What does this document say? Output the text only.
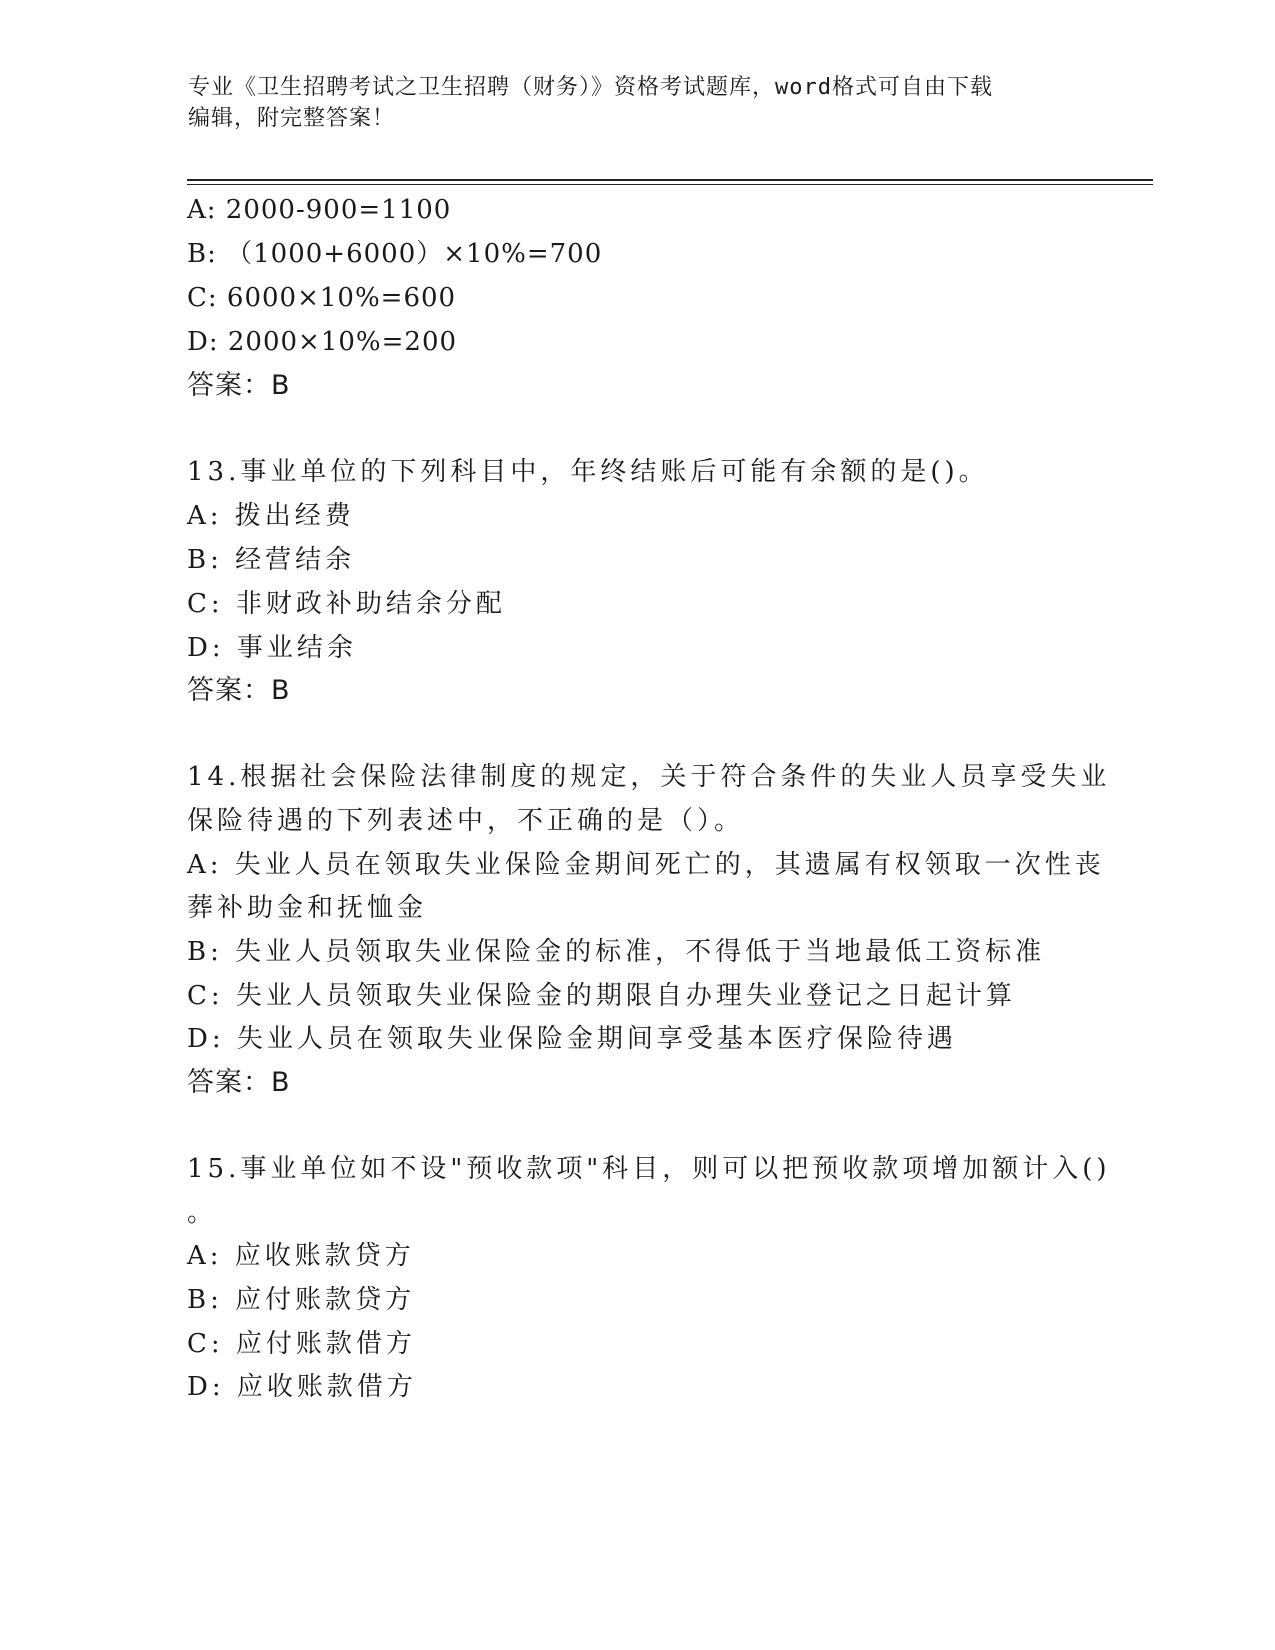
专业《卫生招聘考试之卫生招聘（财务）》资格考试题库，word格式可自由下载
编辑，附完整答案！
A: 2000-900=1100
B: （1000+6000）×10%=700
C: 6000×10%=600
D: 2000×10%=200
答案：B
13.事业单位的下列科目中，年终结账后可能有余额的是()。
A: 拨出经费
B: 经营结余
C: 非财政补助结余分配
D: 事业结余
答案：B
14.根据社会保险法律制度的规定，关于符合条件的失业人员享受失业
保险待遇的下列表述中，不正确的是（）。
A: 失业人员在领取失业保险金期间死亡的，其遗属有权领取一次性丧
葬补助金和抚恤金
B: 失业人员领取失业保险金的标准，不得低于当地最低工资标准
C: 失业人员领取失业保险金的期限自办理失业登记之日起计算
D: 失业人员在领取失业保险金期间享受基本医疗保险待遇
答案：B
15.事业单位如不设"预收款项"科目，则可以把预收款项增加额计入()
。
A: 应收账款贷方
B: 应付账款贷方
C: 应付账款借方
D: 应收账款借方
